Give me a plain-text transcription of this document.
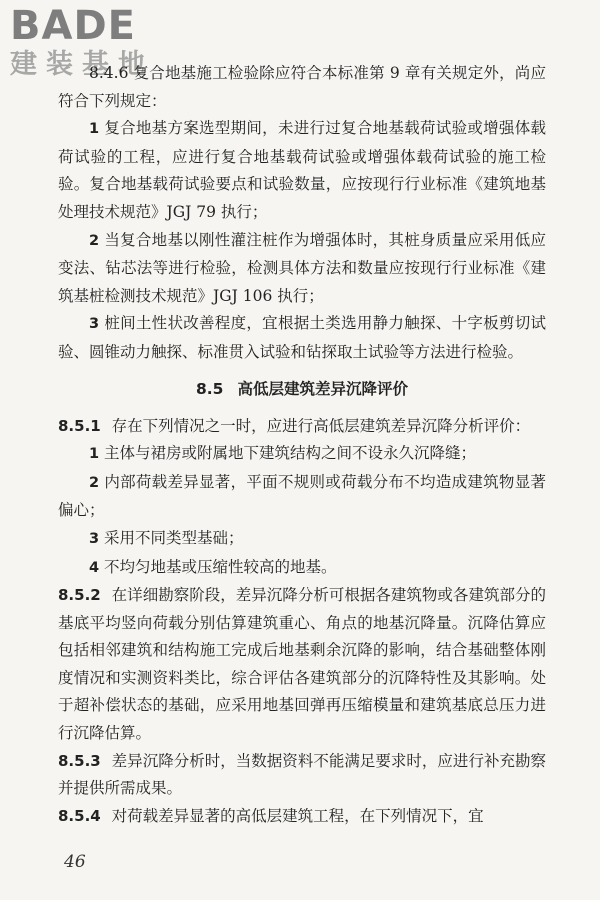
BADE
建装基地

8.4.6 复合地基施工检验除应符合本标准第 9 章有关规定外，尚应符合下列规定：

1 复合地基方案选型期间，未进行过复合地基载荷试验或增强体载荷试验的工程，应进行复合地基载荷试验或增强体载荷试验的施工检验。复合地基载荷试验要点和试验数量，应按现行行业标准《建筑地基处理技术规范》JGJ 79 执行；

2 当复合地基以刚性灌注桩作为增强体时，其桩身质量应采用低应变法、钻芯法等进行检验，检测具体方法和数量应按现行行业标准《建筑基桩检测技术规范》JGJ 106 执行；

3 桩间土性状改善程度，宜根据土类选用静力触探、十字板剪切试验、圆锥动力触探、标准贯入试验和钻探取土试验等方法进行检验。

8.5 高低层建筑差异沉降评价

8.5.1 存在下列情况之一时，应进行高低层建筑差异沉降分析评价：

1 主体与裙房或附属地下建筑结构之间不设永久沉降缝；

2 内部荷载差异显著，平面不规则或荷载分布不均造成建筑物显著偏心；

3 采用不同类型基础；

4 不均匀地基或压缩性较高的地基。

8.5.2 在详细勘察阶段，差异沉降分析可根据各建筑物或各建筑部分的基底平均竖向荷载分别估算建筑重心、角点的地基沉降量。沉降估算应包括相邻建筑和结构施工完成后地基剩余沉降的影响，结合基础整体刚度情况和实测资料类比，综合评估各建筑部分的沉降特性及其影响。处于超补偿状态的基础，应采用地基回弹再压缩模量和建筑基底总压力进行沉降估算。

8.5.3 差异沉降分析时，当数据资料不能满足要求时，应进行补充勘察并提供所需成果。

8.5.4 对荷载差异显著的高低层建筑工程，在下列情况下，宜

46
